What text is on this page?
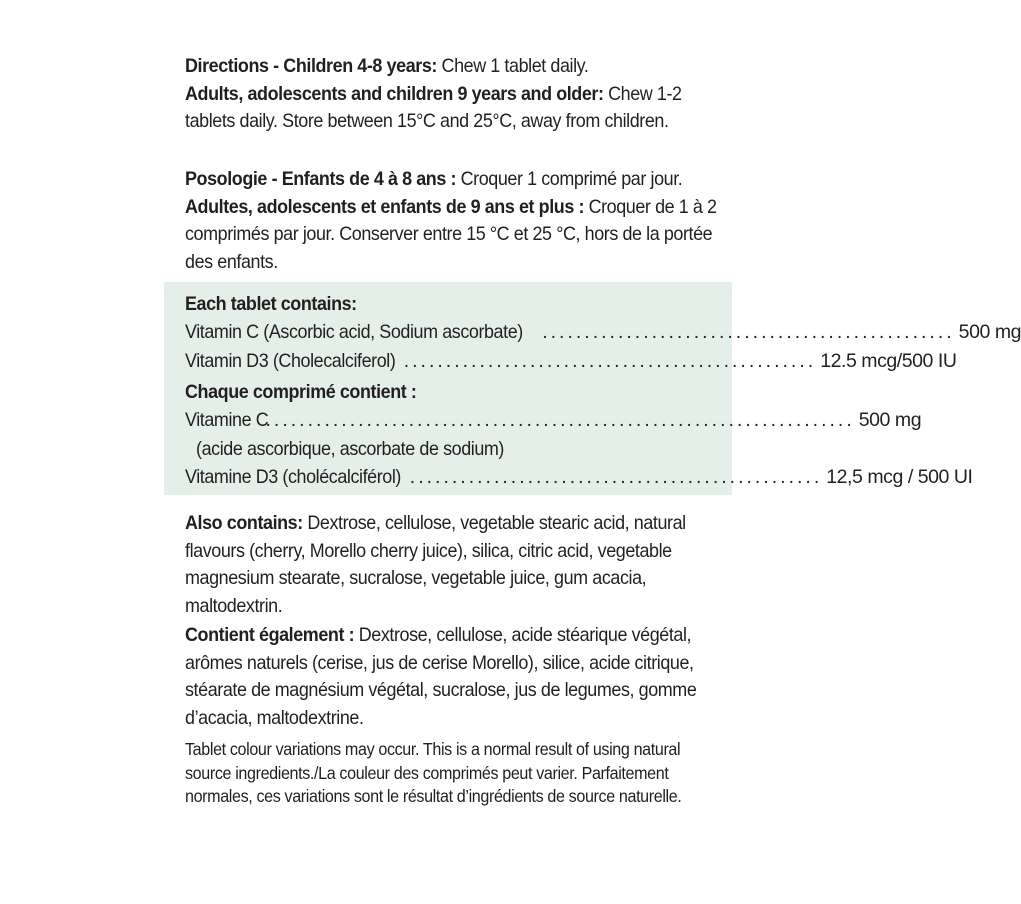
Directions - Children 4-8 years: Chew 1 tablet daily.
Adults, adolescents and children 9 years and older: Chew 1-2 tablets daily. Store between 15°C and 25°C, away from children.

Posologie - Enfants de 4 à 8 ans : Croquer 1 comprimé par jour. Adultes, adolescents et enfants de 9 ans et plus : Croquer de 1 à 2 comprimés par jour. Conserver entre 15 °C et 25 °C, hors de la portée des enfants.

Each tablet contains:
Vitamin C (Ascorbic acid, Sodium ascorbate) ................................................. 500 mg
Vitamin D3 (Cholecalciferol) ................................................. 12.5 mcg/500 IU
Chaque comprimé contient :
Vitamine C
...................................................................... 500 mg
(acide ascorbique, ascorbate de sodium)
Vitamine D3 (cholécalciférol) ................................................. 12,5 mcg / 500 UI

Also contains: Dextrose, cellulose, vegetable stearic acid, natural flavours (cherry, Morello cherry juice), silica, citric acid, vegetable magnesium stearate, sucralose, vegetable juice, gum acacia, maltodextrin.

Contient également : Dextrose, cellulose, acide stéarique végétal, arômes naturels (cerise, jus de cerise Morello), silice, acide citrique, stéarate de magnésium végétal, sucralose, jus de legumes, gomme d’acacia, maltodextrine.

Tablet colour variations may occur. This is a normal result of using natural source ingredients./La couleur des comprimés peut varier. Parfaitement normales, ces variations sont le résultat d’ingrédients de source naturelle.
